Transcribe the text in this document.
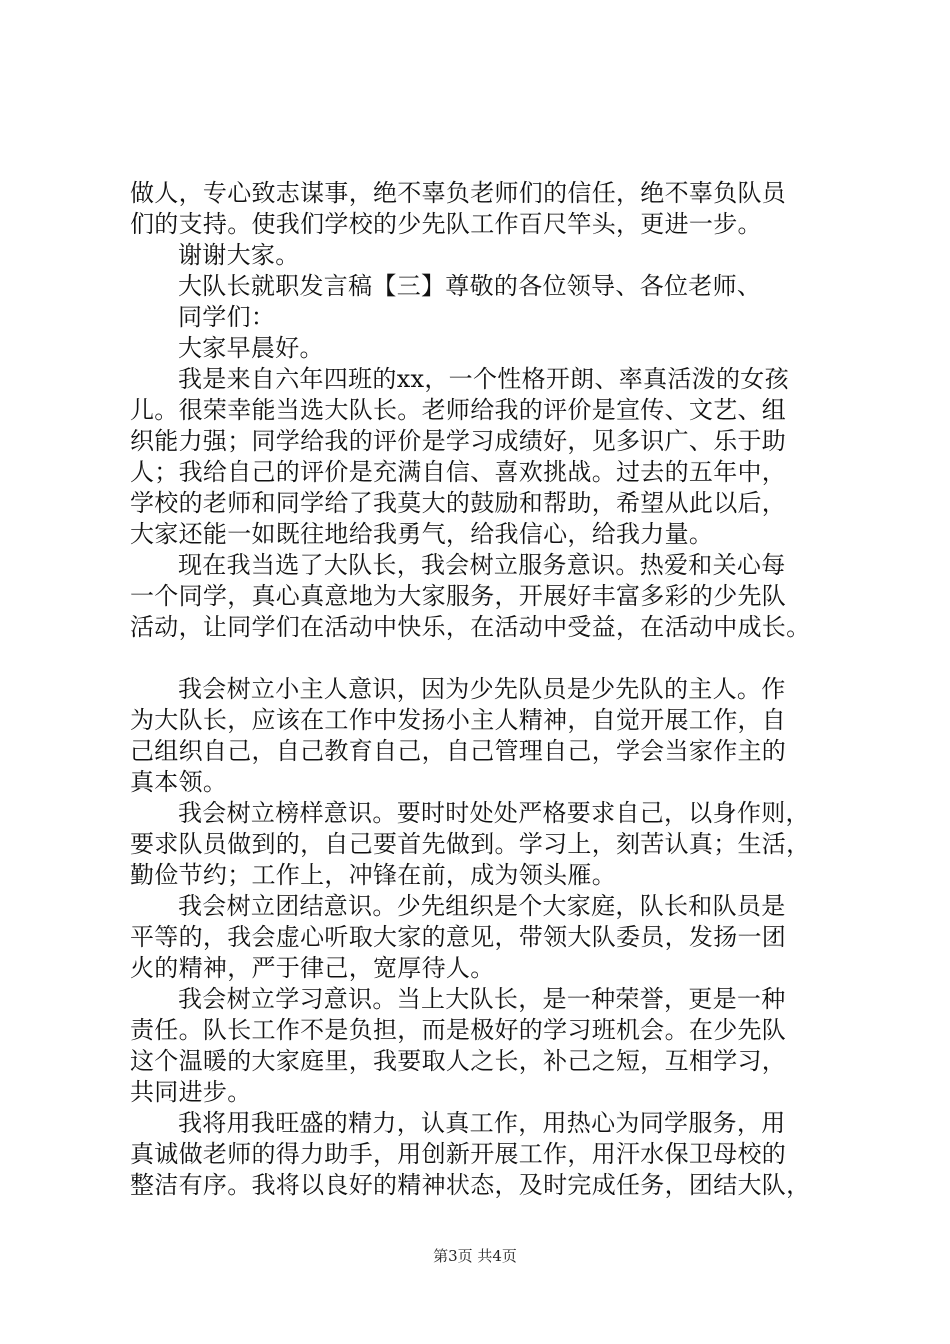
做人，专心致志谋事，绝不辜负老师们的信任，绝不辜负队员
们的支持。使我们学校的少先队工作百尺竿头，更进一步。
谢谢大家。
大队长就职发言稿【三】尊敬的各位领导、各位老师、
同学们：
大家早晨好。
我是来自六年四班的xx，一个性格开朗、率真活泼的女孩
儿。很荣幸能当选大队长。老师给我的评价是宣传、文艺、组
织能力强；同学给我的评价是学习成绩好，见多识广、乐于助
人；我给自己的评价是充满自信、喜欢挑战。过去的五年中，
学校的老师和同学给了我莫大的鼓励和帮助，希望从此以后，
大家还能一如既往地给我勇气，给我信心，给我力量。
现在我当选了大队长，我会树立服务意识。热爱和关心每
一个同学，真心真意地为大家服务，开展好丰富多彩的少先队
活动，让同学们在活动中快乐，在活动中受益，在活动中成长。
我会树立小主人意识，因为少先队员是少先队的主人。作
为大队长，应该在工作中发扬小主人精神，自觉开展工作，自
己组织自己，自己教育自己，自己管理自己，学会当家作主的
真本领。
我会树立榜样意识。要时时处处严格要求自己，以身作则，
要求队员做到的，自己要首先做到。学习上，刻苦认真；生活，
勤俭节约；工作上，冲锋在前，成为领头雁。
我会树立团结意识。少先组织是个大家庭，队长和队员是
平等的，我会虚心听取大家的意见，带领大队委员，发扬一团
火的精神，严于律己，宽厚待人。
我会树立学习意识。当上大队长，是一种荣誉，更是一种
责任。队长工作不是负担，而是极好的学习班机会。在少先队
这个温暖的大家庭里，我要取人之长，补己之短，互相学习，
共同进步。
我将用我旺盛的精力，认真工作，用热心为同学服务，用
真诚做老师的得力助手，用创新开展工作，用汗水保卫母校的
整洁有序。我将以良好的精神状态，及时完成任务，团结大队，
第3页 共4页
